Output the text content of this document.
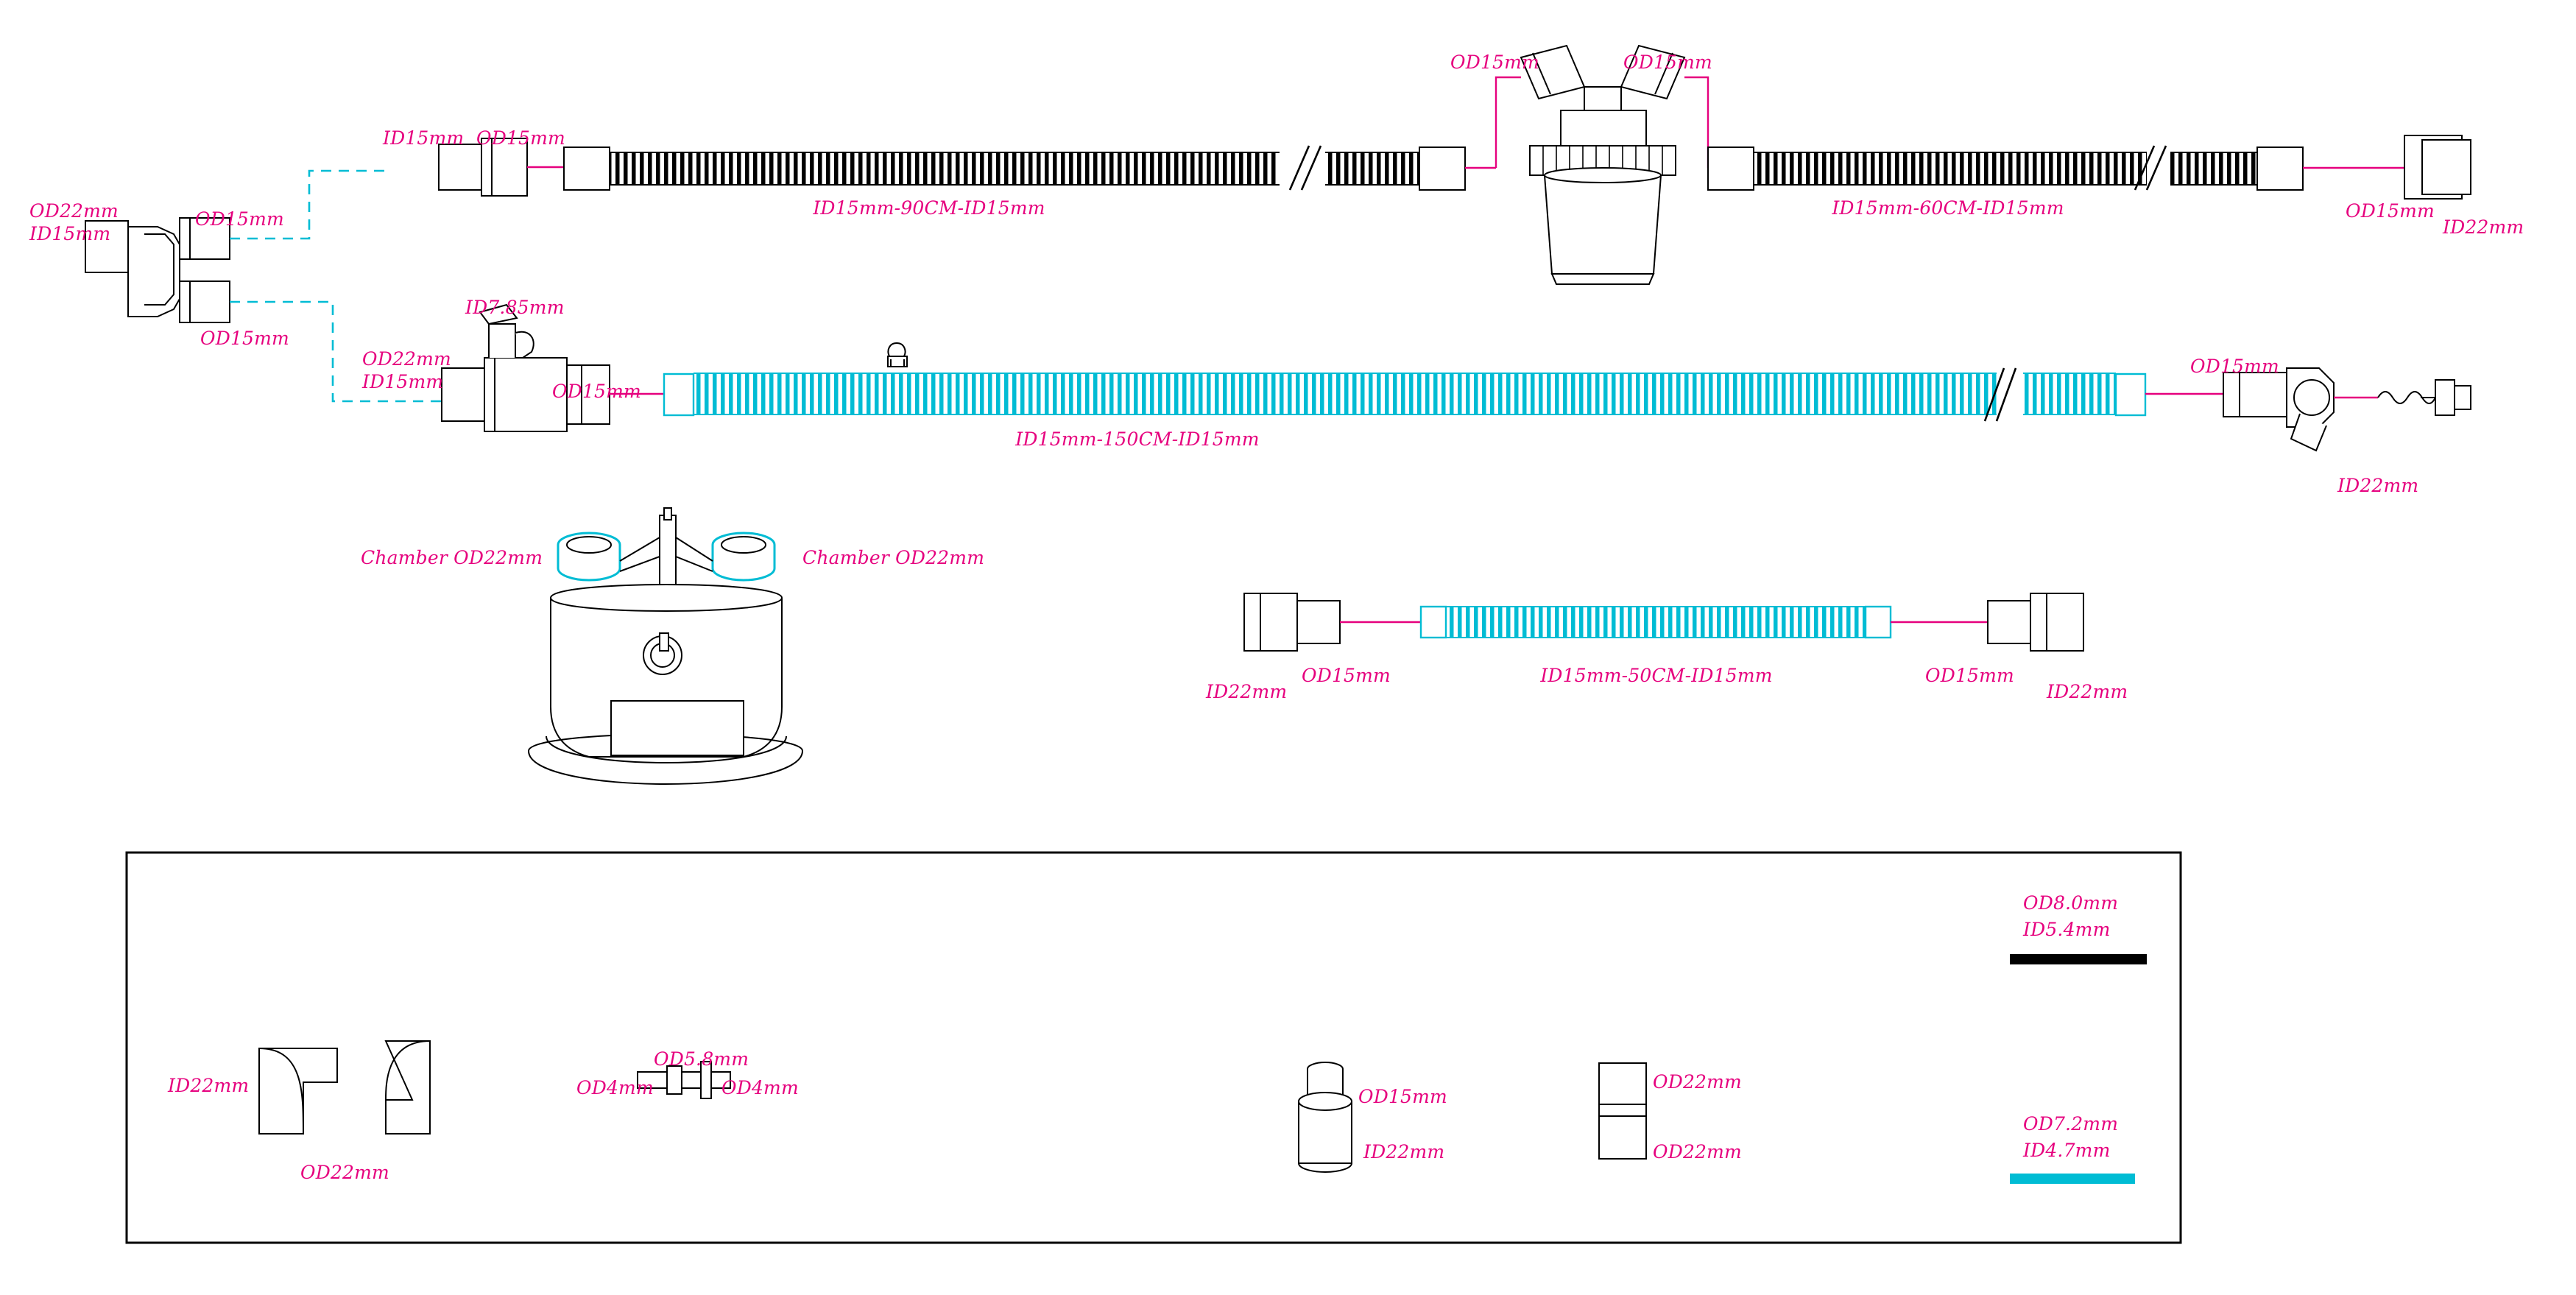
OD22mm
ID15mm
OD15mm
OD15mm
ID15mm OD15mm
ID15mm-90CM-ID15mm
OD15mm	OD15mm
ID15mm-60CM-ID15mm	OD15mm
ID22mm
ID7.85mm
OD22mm
ID15mm	OD15mm
ID15mm-150CM-ID15mm
OD15mm
ID22mm
Chamber OD22mm	Chamber OD22mm
ID22mm
OD15mm	ID15mm-50CM-ID15mm	OD15mm
ID22mm
ID22mm
OD22mm
OD5.8mm
OD4mm	OD4mm	OD15mm
ID22mm
OD22mm
OD22mm
OD8.0mm
ID5.4mm
OD7.2mm
ID4.7mm
